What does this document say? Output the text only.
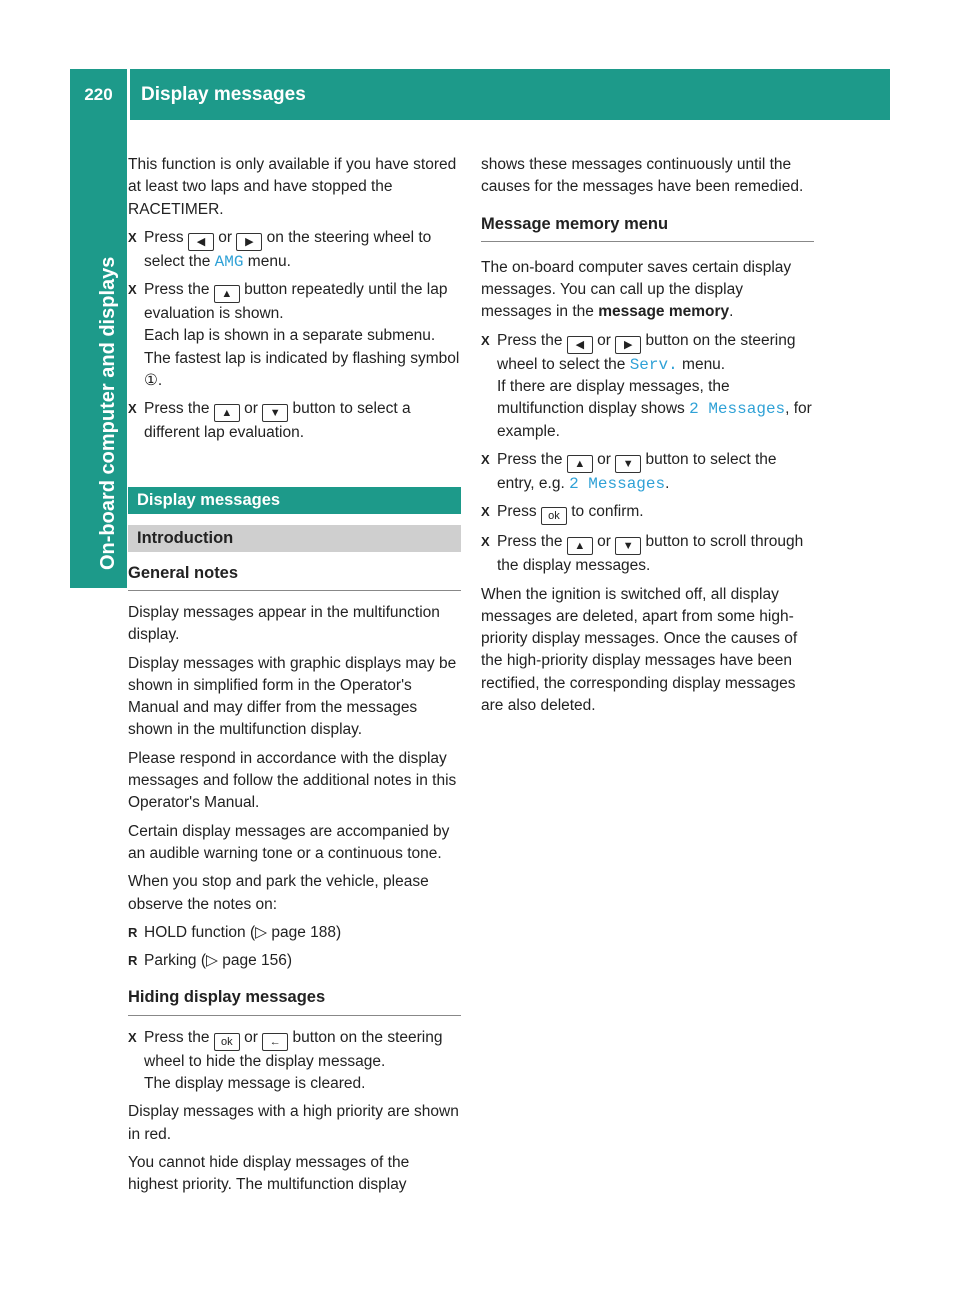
220	Display messages
On-board computer and displays

This function is only available if you have stored at least two laps and have stopped the RACETIMER.

X Press ◀ or ▶ on the steering wheel to select the AMG menu.
X Press the ▲ button repeatedly until the lap evaluation is shown.
Each lap is shown in a separate submenu.
The fastest lap is indicated by flashing symbol ①.
X Press the ▲ or ▼ button to select a different lap evaluation.
Display messages
Introduction
General notes

Display messages appear in the multifunction display.

Display messages with graphic displays may be shown in simplified form in the Operator's Manual and may differ from the messages shown in the multifunction display.

Please respond in accordance with the display messages and follow the additional notes in this Operator's Manual.

Certain display messages are accompanied by an audible warning tone or a continuous tone.

When you stop and park the vehicle, please observe the notes on:

R HOLD function (▷ page 188)
R Parking (▷ page 156)
Hiding display messages
X Press the ok or ← button on the steering wheel to hide the display message.
The display message is cleared.

Display messages with a high priority are shown in red.

You cannot hide display messages of the highest priority. The multifunction display

shows these messages continuously until the causes for the messages have been remedied.

Message memory menu

The on-board computer saves certain display messages. You can call up the display messages in the message memory.

X Press the ◀ or ▶ button on the steering wheel to select the Serv. menu.
If there are display messages, the multifunction display shows 2 Messages, for example.
X Press the ▲ or ▼ button to select the entry, e.g. 2 Messages.
X Press ok to confirm.
X Press the ▲ or ▼ button to scroll through the display messages.

When the ignition is switched off, all display messages are deleted, apart from some high-priority display messages. Once the causes of the high-priority display messages have been rectified, the corresponding display messages are also deleted.
